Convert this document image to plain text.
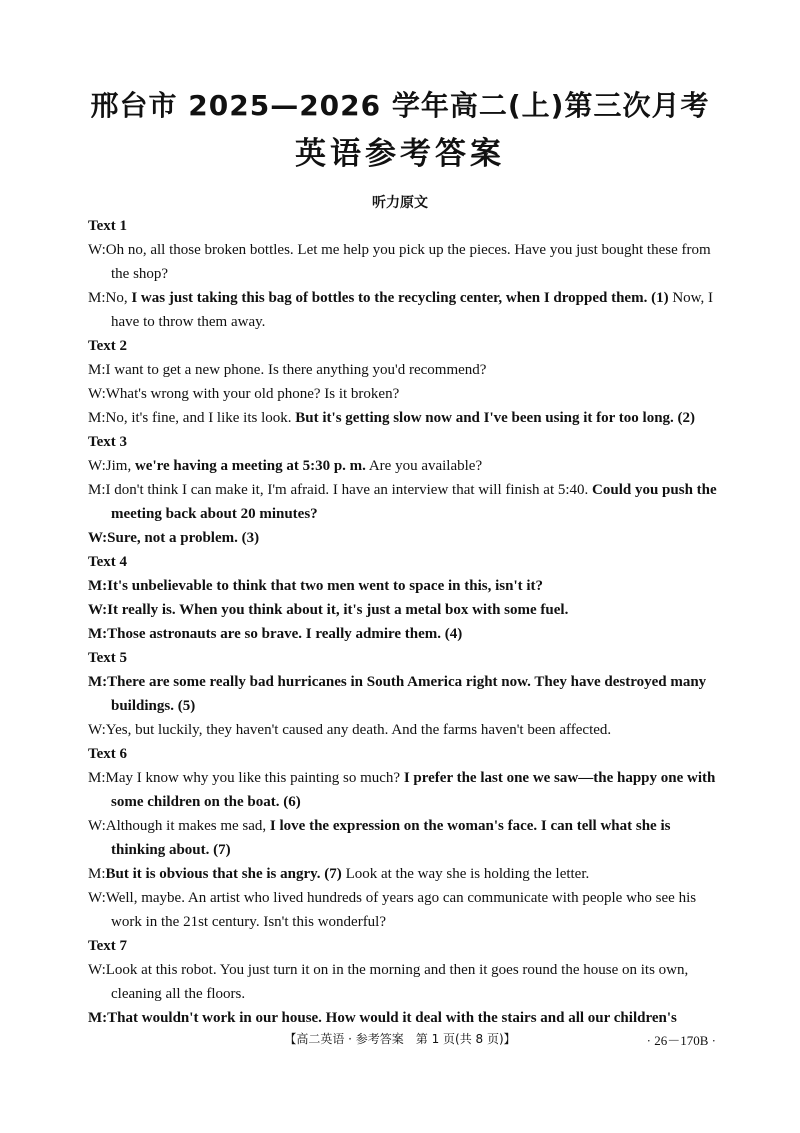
邢台市 2025—2026 学年高二(上)第三次月考
英语参考答案
听力原文
Text 1
W:Oh no, all those broken bottles. Let me help you pick up the pieces. Have you just bought these from the shop?
M:No, I was just taking this bag of bottles to the recycling center, when I dropped them. (1) Now, I have to throw them away.
Text 2
M:I want to get a new phone. Is there anything you'd recommend?
W:What's wrong with your old phone? Is it broken?
M:No, it's fine, and I like its look. But it's getting slow now and I've been using it for too long. (2)
Text 3
W:Jim, we're having a meeting at 5:30 p. m. Are you available?
M:I don't think I can make it, I'm afraid. I have an interview that will finish at 5:40. Could you push the meeting back about 20 minutes?
W:Sure, not a problem. (3)
Text 4
M:It's unbelievable to think that two men went to space in this, isn't it?
W:It really is. When you think about it, it's just a metal box with some fuel.
M:Those astronauts are so brave. I really admire them. (4)
Text 5
M:There are some really bad hurricanes in South America right now. They have destroyed many buildings. (5)
W:Yes, but luckily, they haven't caused any death. And the farms haven't been affected.
Text 6
M:May I know why you like this painting so much? I prefer the last one we saw—the happy one with some children on the boat. (6)
W:Although it makes me sad, I love the expression on the woman's face. I can tell what she is thinking about. (7)
M:But it is obvious that she is angry. (7) Look at the way she is holding the letter.
W:Well, maybe. An artist who lived hundreds of years ago can communicate with people who see his work in the 21st century. Isn't this wonderful?
Text 7
W:Look at this robot. You just turn it on in the morning and then it goes round the house on its own, cleaning all the floors.
M:That wouldn't work in our house. How would it deal with the stairs and all our children's
【高二英语 · 参考答案　第 1 页(共 8 页)】	· 26－170B ·
